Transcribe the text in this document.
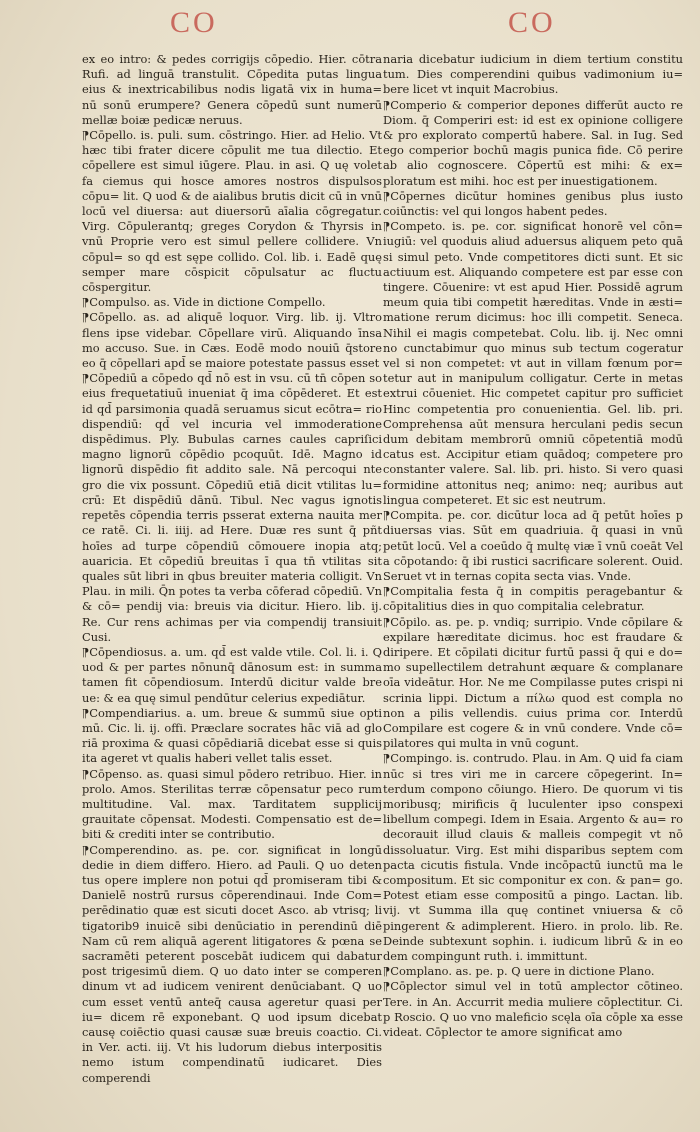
CO	CO

ex eo intro: & pedes corrigijs cōpedio. Hier. cōtra Rufi. ad linguā transtulit. Cōpedita putas lingua eius & inextricabilibus nodis ligatā vix in huma= nū sonū erumpere? Genera cōpedū sunt numerū mellæ boiæ pedicæ neruus.

⁋Cōpello. is. puli. sum. cōstringo. Hier. ad Helio. Vt hæc tibi frater dicere cōpulit me tua dilectio. Et cōpellere est simul iūgere. Plau. in asi. Q uę volet fa ciemus qui hosce amores nostros dispulsos cōpu= lit. Q uod & de aialibus brutis dicit cū in vnū locū vel diuersa: aut diuersorū aīalia cōgregatur. Virg. Cōpulerantq; greges Corydon & Thyrsis in vnū Proprie vero est simul pellere collidere. Vn cōpul= so qd est sępe collido. Col. lib. i. Eadē quę semper mare cōspicit cōpulsatur ac fluctu cōspergitur.

⁋Compulso. as. Vide in dictione Compello.

⁋Cōpello. as. ad aliquē loquor. Virg. lib. ij. Vltro flens ipse videbar. Cōpellare virū. Aliquando īnsa mo accuso. Sue. in Cæs. Eodē modo nouiū q̄store eo q̄ cōpellari apd̄ se maiore potestate passus esset

⁋Cōpediū a cōpedo qd̄ nō est in vsu. cū tn̄ cōpen so eius frequetatiuū inueniat q̄ ima cōpēderet. Et est id qd̄ parsimonia quadā seruamus sicut ecōtra= rio dispendiū: qd̄ vel incuria vel immoderatione dispēdimus. Ply. Bubulas carnes caules capriſici magno lignorū cōpēdio pcoquūt. Idē. Magno id lignorū dispēdio fit addito sale. Nā percoqui nte gro die vix possunt. Cōpediū etiā dicit vtilitas lu= crū: Et dispēdiū dānū. Tibul. Nec vagus ignotis repetēs cōpendia terris psserat externa nauita mer ce ratē. Ci. li. iiij. ad Here. Duæ res sunt q̄ pñt hoīes ad turpe cōpendiū cōmouere inopia atq; auaricia. Et cōpediū breuitas ī qua tn̄ vtilitas sit quales sūt libri in qbus breuiter materia colligit. Vn Plau. in mili. Q̄n potes ta verba cōferad cōpediū. Vn & cō= pendij via: breuis via dicitur. Hiero. lib. ij. Re. Cur rens achimas per via compendij transiuit Cusi.

⁋Cōpendiosus. a. um. qd̄ est valde vtile. Col. li. i. Q uod & per partes nōnunq̄ dānosum est: in summa tamen fit cōpendiosum. Interdū dicitur valde bre ue: & ea quę simul pendūtur celerius expediātur.

⁋Compendiarius. a. um. breue & summū siue opti mū. Cic. li. ij. offi. Præclare socrates hāc viā ad glo riā proxima & quasi cōpēdiariā dicebat esse si quis ita ageret vt qualis haberi vellet talis esset.

⁋Cōpenso. as. quasi simul pōdero retribuo. Hier. in prolo. Amos. Sterilitas terræ cōpensatur peco rum multitudine. Val. max. Tarditatem supplicij grauitate cōpensat. Modesti. Compensatio est de= biti & crediti inter se contributio.

⁋Comperendino. as. pe. cor. significat in longū dedie in diem differo. Hiero. ad Pauli. Q uo deten tus opere implere non potui qd̄ promiseram tibi & Danielē nostrū rursus cōperendinaui. Inde Com= perēdinatio quæ est sicuti docet Asco. ab vtrisq; li tigatorib9 inuicē sibi denūciatio in perendinū diē Nam cū rem aliquā agerent litigatores & pœna se sacramēti peterent poscebāt iudicem qui dabatur post trigesimū diem. Q uo dato inter se comperen dinum vt ad iudicem venirent denūciabant. Q uo cum esset ventū anteq̄ causa ageretur quasi per iu= dicem rē exponebant. Q uod ipsum dicebat causę coiēctio quasi causæ suæ breuis coactio. Ci. in Ver. acti. iij. Vt his ludorum diebus interpositis nemo istum compendinatū iudicaret. Dies comperendi

naria dicebatur iudicium in diem tertium constitu tum. Dies comperendini quibus vadimonium iu= bere licet vt inquit Macrobius.

⁋Comperio & comperior depones differūt aucto re Diom. q̄ Comperiri est: id est ex opinione colligere & pro explorato compertū habere. Sal. in Iug. Sed ego comperior bochū magis punica fide. Cō perire ab alio cognoscere. Cōpertū est mihi: & ex= ploratum est mihi. hoc est per inuestigationem.

⁋Cōpernes dicūtur homines genibus plus iusto coiūnctis: vel qui longos habent pedes.

⁋Competo. is. pe. cor. significat honorē vel cōn= iugiū: vel quoduis aliud aduersus aliquem peto quā si simul peto. Vnde competitores dicti sunt. Et sic actiuum est. Aliquando competere est par esse con tingere. Cōuenire: vt est apud Hier. Possidē agrum meum quia tibi competit hæreditas. Vnde in æsti= matione rerum dicimus: hoc illi competit. Seneca. Nihil ei magis competebat. Colu. lib. ij. Nec omni no cunctabimur quo minus sub tectum cogeratur vel si non competet: vt aut in villam fœnum por= tetur aut in manipulum colligatur. Certe in metas extrui cōueniet. Hic competet capitur pro sufficiet Hinc competentia pro conuenientia. Gel. lib. pri. Comprehensa aūt mensura herculani pedis secun dum debitam membrorū omniū cōpetentiā modū catus est. Accipitur etiam quādoq; competere pro constanter valere. Sal. lib. pri. histo. Si vero quasi formidine attonitus neq; animo: neq; auribus aut lingua competeret. Et sic est neutrum.

⁋Compita. pe. cor. dicūtur loca ad q̄ petūt hoīes p diuersas vias. Sūt em quadriuia. q̄ quasi in vnū petūt locū. Vel a coeūdo q̄ multę viæ ī vnū coeāt Vel a cōpotando: q̄ ibi rustici sacrificare solerent. Ouid. Seruet vt in ternas copita secta vias. Vnde.

⁋Compitalia festa q̄ in compitis peragebantur & cōpitalitius dies in quo compitalia celebratur.

⁋Cōpilo. as. pe. p. vndiq; surripio. Vnde cōpilare & expilare hæreditate dicimus. hoc est fraudare & diripere. Et cōpilati dicitur furtū passi q̄ qui e do= mo supellectilem detrahunt æquare & complanare oīa videātur. Hor. Ne me Compilasse putes crispi ni scrinia lippi. Dictum a πίλω quod est compla no non a pilis vellendis. cuius prima cor. Interdū Compilare est cogere & in vnū condere. Vnde cō= pilatores qui multa in vnū cogunt.

⁋Compingo. is. contrudo. Plau. in Am. Q uid fa ciam nūc si tres viri me in carcere cōpegerint. In= terdum compono cōiungo. Hiero. De quorum vi tis moribusq; mirificis q̄ luculenter ipso conspexi libellum compegi. Idem in Esaia. Argento & au= ro decorauit illud clauis & malleis compegit vt nō dissoluatur. Virg. Est mihi disparibus septem com pacta cicutis fistula. Vnde incōpactū iunctū ma le compositum. Et sic componitur ex con. & pan= go. Potest etiam esse compositū a pingo. Lactan. lib. vij. vt Summa illa quę continet vniuersa & cō pingerent & adimplerent. Hiero. in prolo. lib. Re. Deinde subtexunt sophin. i. iudicum librū & in eo dem compingunt ruth. i. immittunt.

⁋Complano. as. pe. p. Q uere in dictione Plano.

⁋Cōplector simul vel in totū amplector cōtineo. Tere. in An. Accurrit media muliere cōplectitur. Ci. p Roscio. Q uo vno maleficio scęla oīa cōple xa esse videat. Cōplector te amore significat amo
